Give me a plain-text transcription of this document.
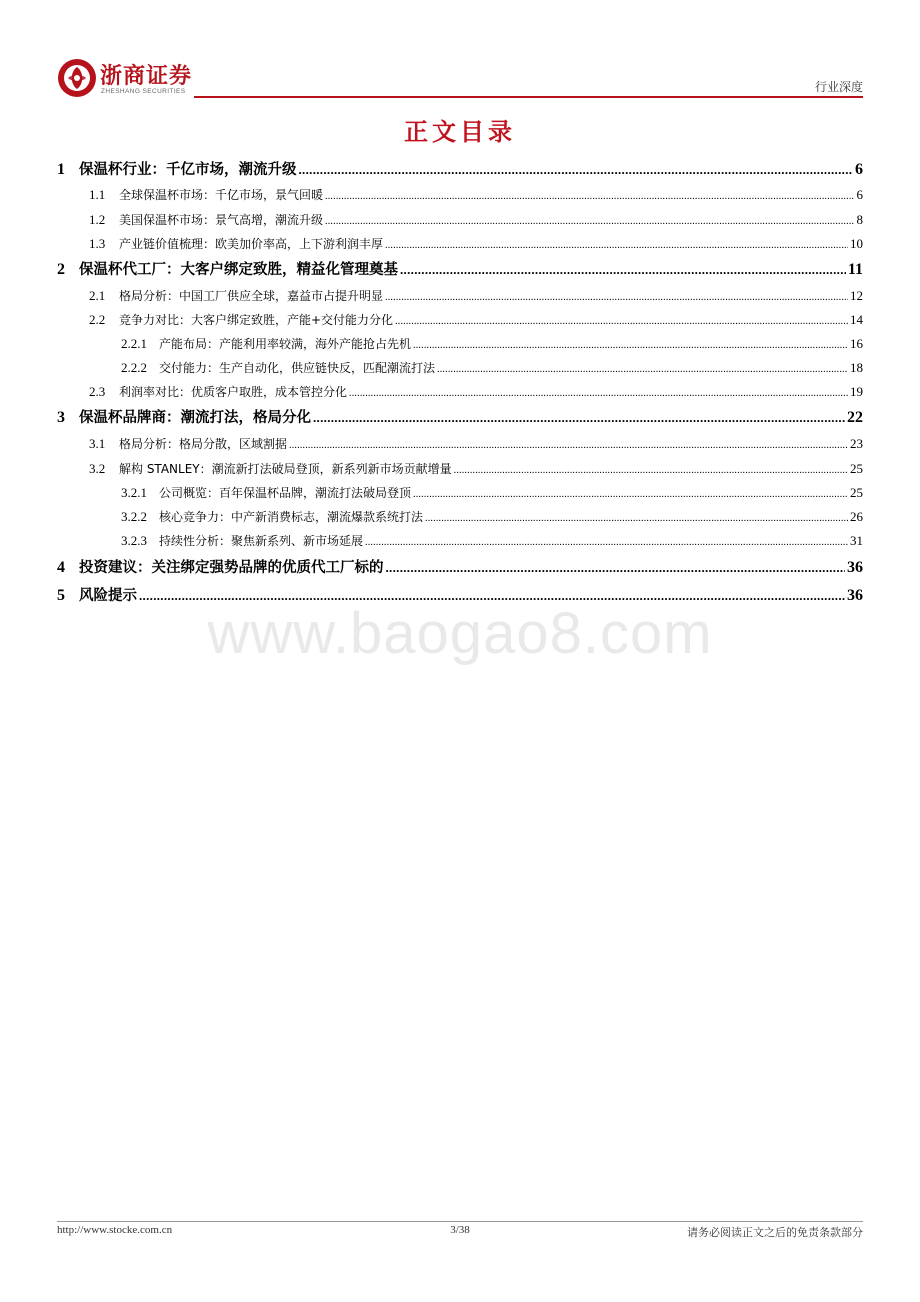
浙商证券
ZHESHANG SECURITIES	行业深度
正文目录
1 保温杯行业：千亿市场，潮流升级 .....	6
1.1	全球保温杯市场：千亿市场，景气回暖 .....	6
1.2	美国保温杯市场：景气高增，潮流升级 .....	8
1.3	产业链价值梳理：欧美加价率高，上下游利润丰厚 .....	10
2 保温杯代工厂：大客户绑定致胜，精益化管理奠基 .....	11
2.1	格局分析：中国工厂供应全球，嘉益市占提升明显 .....	12
2.2	竞争力对比：大客户绑定致胜，产能+交付能力分化 .....	14
2.2.1	产能布局：产能利用率较满，海外产能抢占先机 .....	16
2.2.2	交付能力：生产自动化，供应链快反，匹配潮流打法 .....	18
2.3	利润率对比：优质客户取胜，成本管控分化 .....	19
3 保温杯品牌商：潮流打法，格局分化 .....	22
3.1	格局分析：格局分散，区域割据 .....	23
3.2	解构 STANLEY：潮流新打法破局登顶，新系列新市场贡献增量 .....	25
3.2.1	公司概览：百年保温杯品牌，潮流打法破局登顶 .....	25
3.2.2	核心竞争力：中产新消费标志，潮流爆款系统打法 .....	26
3.2.3	持续性分析：聚焦新系列、新市场延展 .....	31
4 投资建议：关注绑定强势品牌的优质代工厂标的 .....	36
5 风险提示 .....	36
www.baogao8.com
http://www.stocke.com.cn	3/38	请务必阅读正文之后的免责条款部分
